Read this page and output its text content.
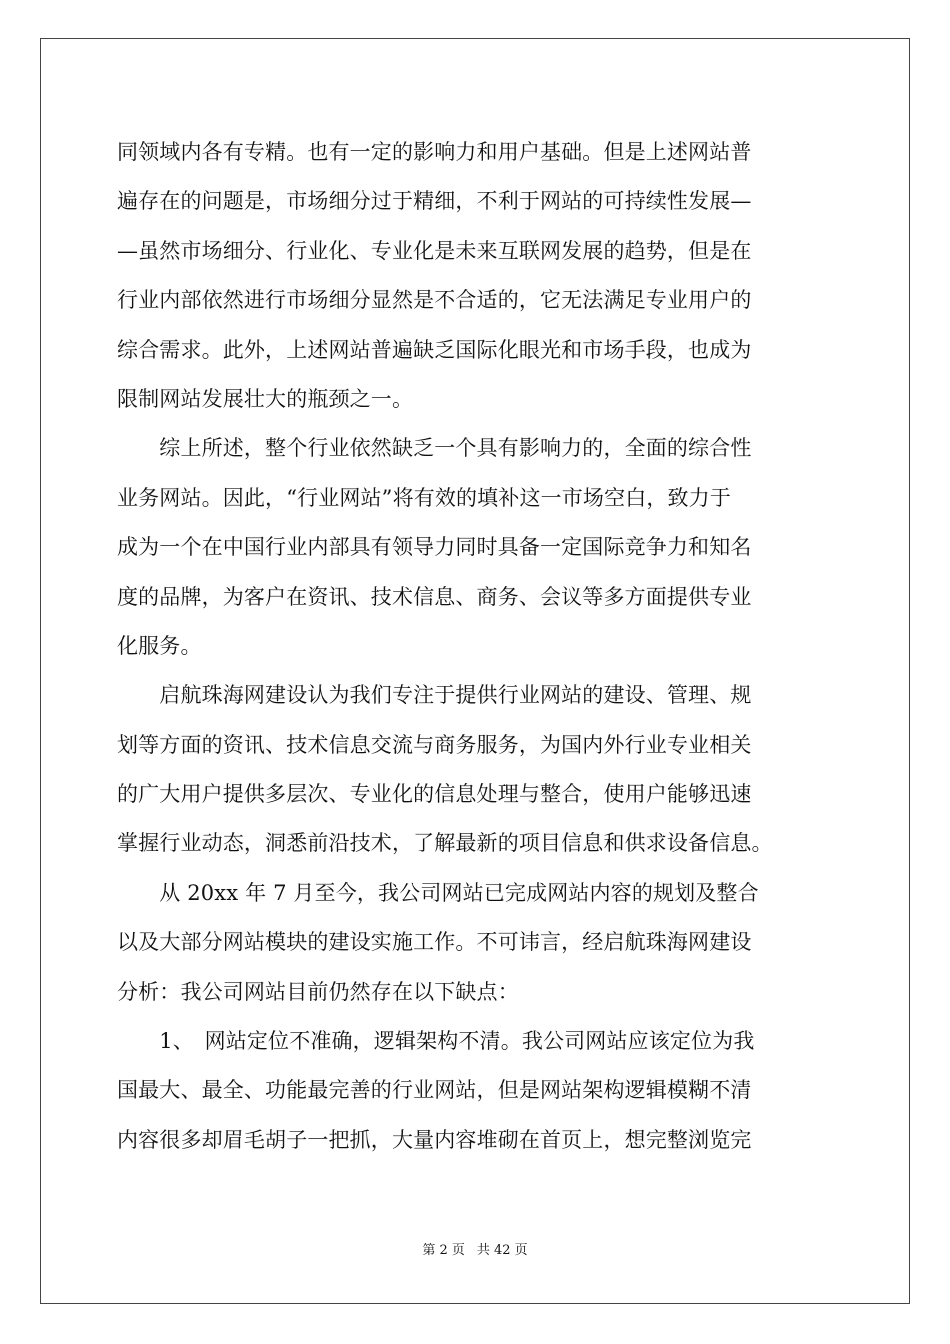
同领域内各有专精。也有一定的影响力和用户基础。但是上述网站普
遍存在的问题是，市场细分过于精细，不利于网站的可持续性发展—
—虽然市场细分、行业化、专业化是未来互联网发展的趋势，但是在
行业内部依然进行市场细分显然是不合适的，它无法满足专业用户的
综合需求。此外，上述网站普遍缺乏国际化眼光和市场手段，也成为
限制网站发展壮大的瓶颈之一。
　　综上所述，整个行业依然缺乏一个具有影响力的，全面的综合性
业务网站。因此，“行业网站”将有效的填补这一市场空白，致力于
成为一个在中国行业内部具有领导力同时具备一定国际竞争力和知名
度的品牌，为客户在资讯、技术信息、商务、会议等多方面提供专业
化服务。
　　启航珠海网建设认为我们专注于提供行业网站的建设、管理、规
划等方面的资讯、技术信息交流与商务服务，为国内外行业专业相关
的广大用户提供多层次、专业化的信息处理与整合，使用户能够迅速
掌握行业动态，洞悉前沿技术，了解最新的项目信息和供求设备信息。
　　从 20xx 年 7 月至今，我公司网站已完成网站内容的规划及整合
以及大部分网站模块的建设实施工作。不可讳言，经启航珠海网建设
分析：我公司网站目前仍然存在以下缺点：
　　1、　网站定位不准确，逻辑架构不清。我公司网站应该定位为我
国最大、最全、功能最完善的行业网站，但是网站架构逻辑模糊不清
内容很多却眉毛胡子一把抓，大量内容堆砌在首页上，想完整浏览完
第 2 页 共 42 页
